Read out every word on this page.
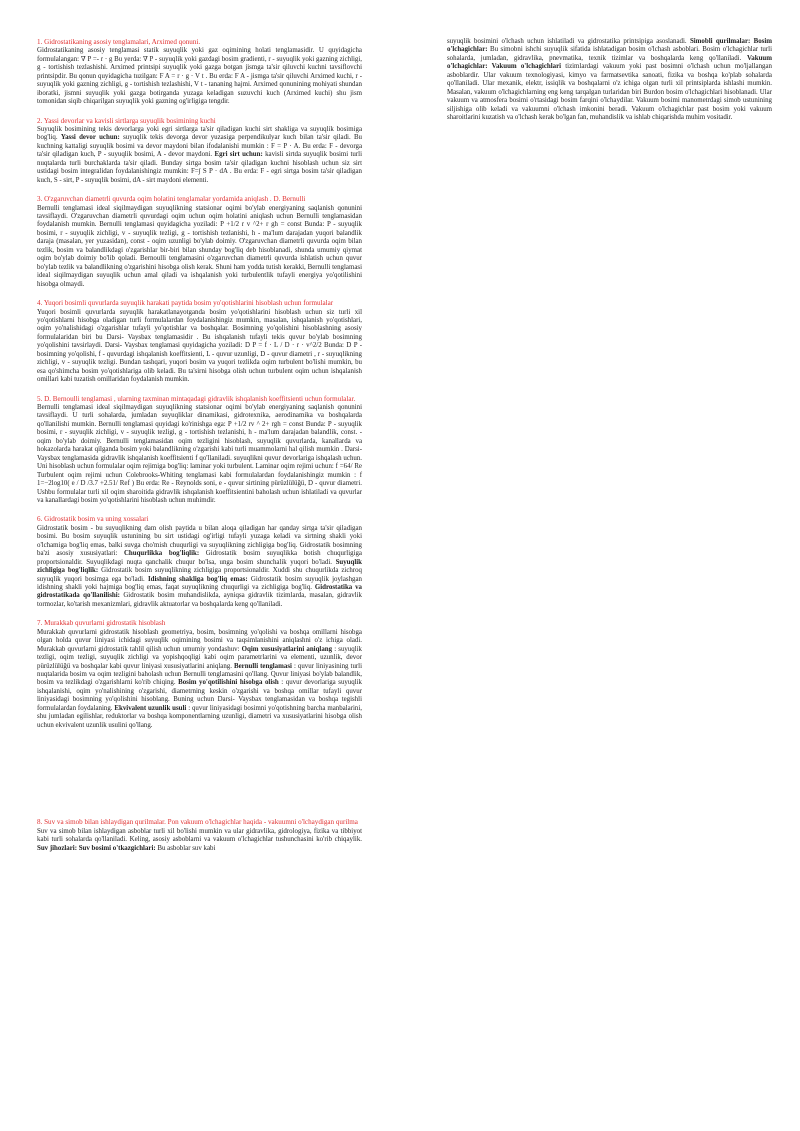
1. Gidrostatikaning asosiy tenglamalari, Arximed qonuni.

Gidrostatikaning asosiy tenglamasi statik suyuqlik yoki gaz oqimining holati tenglamasidir. U quyidagicha formulalangan: ∇ P =- r · g Bu yerda: ∇ P - suyuqlik yoki gazdagi bosim gradienti, r - suyuqlik yoki gazning zichligi, g - tortishish tezlashishi. Arximed printsipi suyuqlik yoki gazga botgan jismga ta'sir qiluvchi kuchni tavsiflovchi printsipdir. Bu qonun quyidagicha tuzilgan: F A = r · g · V t . Bu erda: F A - jismga ta'sir qiluvchi Arximed kuchi, r - suyuqlik yoki gazning zichligi, g - tortishish tezlashishi, V t - tananing hajmi. Arximed qonunining mohiyati shundan iboratki, jismni suyuqlik yoki gazga botirganda yuzaga keladigan suzuvchi kuch (Arximed kuchi) shu jism tomonidan siqib chiqarilgan suyuqlik yoki gazning og'irligiga tengdir.

2. Yassi devorlar va kavisli sirtlarga suyuqlik bosimining kuchi

Suyuqlik bosimining tekis devorlarga yoki egri sirtlarga ta'sir qiladigan kuchi sirt shakliga va suyuqlik bosimiga bog'liq. Yassi devor uchun: suyuqlik tekis devorga devor yuzasiga perpendikulyar kuch bilan ta'sir qiladi. Bu kuchning kattaligi suyuqlik bosimi va devor maydoni bilan ifodalanishi mumkin : F = P · A. Bu erda: F - devorga ta'sir qiladigan kuch, P - suyuqlik bosimi, A - devor maydoni. Egri sirt uchun: kavisli sirtda suyuqlik bosimi turli nuqtalarda turli burchaklarda ta'sir qiladi. Bunday sirtga bosim ta'sir qiladigan kuchni hisoblash uchun siz sirt ustidagi bosim integralidan foydalanishingiz mumkin: F=∫ S P · dA . Bu erda: F - egri sirtga bosim ta'sir qiladigan kuch, S - sirt, P - suyuqlik bosimi, dA - sirt maydoni elementi.

3. O'zgaruvchan diametrli quvurda oqim holatini tenglamalar yordamida aniqlash . D. Bernulli

Bernulli tenglamasi ideal siqilmaydigan suyuqlikning statsionar oqimi bo'ylab energiyaning saqlanish qonunini tavsiflaydi. O'zgaruvchan diametrli quvurdagi oqim uchun oqim holatini aniqlash uchun Bernulli tenglamasidan foydalanish mumkin. Bernulli tenglamasi quyidagicha yoziladi: P +1/2 r v ^2+ r gh = const Bunda: P - suyuqlik bosimi, r - suyuqlik zichligi, v - suyuqlik tezligi, g - tortishish tezlanishi, h - ma'lum darajadan yuqori balandlik daraja (masalan, yer yuzasidan), const - oqim uzunligi bo'ylab doimiy. O'zgaruvchan diametrli quvurda oqim bilan tezlik, bosim va balandlikdagi o'zgarishlar bir-biri bilan shunday bog'liq deb hisoblanadi, shunda umumiy qiymat oqim bo'ylab doimiy bo'lib qoladi. Bernoulli tenglamasini o'zgaruvchan diametrli quvurda ishlatish uchun quvur bo'ylab tezlik va balandlikning o'zgarishini hisobga olish kerak. Shuni ham yodda tutish kerakki, Bernulli tenglamasi ideal siqilmaydigan suyuqlik uchun amal qiladi va ishqalanish yoki turbulentlik tufayli energiya yo'qotilishini hisobga olmaydi.

4. Yuqori bosimli quvurlarda suyuqlik harakati paytida bosim yo'qotishlarini hisoblash uchun formulalar

Yuqori bosimli quvurlarda suyuqlik harakatlanayotganda bosim yo'qotishlarini hisoblash uchun siz turli xil yo'qotishlarni hisobga oladigan turli formulalardan foydalanishingiz mumkin, masalan, ishqalanish yo'qotishlari, oqim yo'nalishidagi o'zgarishlar tufayli yo'qotishlar va boshqalar. Bosimning yo'qolishini hisoblashning asosiy formulalaridan biri bu Darsi- Vaysbax tenglamasidir . Bu ishqalanish tufayli tekis quvur bo'ylab bosimning yo'qolishini tavsirlaydi. Darsi- Vaysbax tenglamasi quyidagicha yoziladi: D P = f · L / D · r · v^2/2 Bunda: D P - bosimning yo'qolishi, f - quvurdagi ishqalanish koeffitsienti, L - quvur uzunligi, D - quvur diametri , r - suyuqlikning zichligi, v - suyuqlik tezligi. Bundan tashqari, yuqori bosim va yuqori tezlikda oqim turbulent bo'lishi mumkin, bu esa qo'shimcha bosim yo'qotishlariga olib keladi. Bu ta'sirni hisobga olish uchun turbulent oqim uchun ishqalanish omillari kabi tuzatish omillaridan foydalanish mumkin.

5. D. Bernoulli tenglamasi , ularning taxminan mintaqadagi gidravlik ishqalanish koeffitsienti uchun formulalar.

Bernulli tenglamasi ideal siqilmaydigan suyuqlikning statsionar oqimi bo'ylab energiyaning saqlanish qonunini tavsiflaydi. U turli sohalarda, jumladan suyuqliklar dinamikasi, gidrotexnika, aerodinamika va boshqalarda qo'llanilishi mumkin. Bernulli tenglamasi quyidagi ko'rinishga ega: P +1/2 rv ^ 2+ rgh = const Bunda: P - suyuqlik bosimi, r - suyuqlik zichligi, v - suyuqlik tezligi, g - tortishish tezlanishi, h - ma'lum darajadan balandlik, const. - oqim bo'ylab doimiy. Bernulli tenglamasidan oqim tezligini hisoblash, suyuqlik quvurlarda, kanallarda va hokazolarda harakat qilganda bosim yoki balandlikning o'zgarishi kabi turli muammolarni hal qilish mumkin . Darsi- Vaysbax tenglamasida gidravlik ishqalanish koeffitsienti f qo'llaniladi. suyuqlikni quvur devorlariga ishqalash uchun. Uni hisoblash uchun formulalar oqim rejimiga bog'liq: laminar yoki turbulent. Laminar oqim rejimi uchun: f =64/ Re Turbulent oqim rejimi uchun Colebrooks-Whiting tenglamasi kabi formulalardan foydalanishingiz mumkin : f 1=−2log10( e / D /3.7 +2.51/ Ref ) Bu erda: Re - Reynolds soni, e - quvur sirtining pürüzlülüğü, D - quvur diametri. Ushbu formulalar turli xil oqim sharoitida gidravlik ishqalanish koeffitsientini baholash uchun ishlatiladi va quvurlar va kanallardagi bosim yo'qotishlarini hisoblash uchun muhimdir.

6. Gidrostatik bosim va uning xossalari

Gidrostatik bosim - bu suyuqlikning dam olish paytida u bilan aloqa qiladigan har qanday sirtga ta'sir qiladigan bosimi. Bu bosim suyuqlik ustunining bu sirt ustidagi og'irligi tufayli yuzaga keladi va sirtning shakli yoki o'lchamiga bog'liq emas, balki suvga cho'mish chuqurligi va suyuqlikning zichligiga bog'liq. Gidrostatik bosimning ba'zi asosiy xususiyatlari: Chuqurlikka bog'liqlik: Gidrostatik bosim suyuqlikka botish chuqurligiga proportsionaldir. Suyuqlikdagi nuqta qanchalik chuqur bo'lsa, unga bosim shunchalik yuqori bo'ladi. Suyuqlik zichligiga bog'liqlik: Gidrostatik bosim suyuqlikning zichligiga proportsionaldir. Xuddi shu chuqurlikda zichroq suyuqlik yuqori bosimga ega bo'ladi. Idishning shakliga bog'liq emas: Gidrostatik bosim suyuqlik joylashgan idishning shakli yoki hajmiga bog'liq emas, faqat suyuqlikning chuqurligi va zichligiga bog'liq. Gidrostatika va gidrostatikada qo'llanilishi: Gidrostatik bosim muhandislikda, ayniqsa gidravlik tizimlarda, masalan, gidravlik tormozlar, ko'tarish mexanizmlari, gidravlik aktuatorlar va boshqalarda keng qo'llaniladi.

7. Murakkab quvurlarni gidrostatik hisoblash

Murakkab quvurlarni gidrostatik hisoblash geometriya, bosim, bosimning yo'qolishi va boshqa omillarni hisobga olgan holda quvur liniyasi ichidagi suyuqlik oqimining bosimi va taqsimlanishini aniqlashni o'z ichiga oladi. Murakkab quvurlarni gidrostatik tahlil qilish uchun umumiy yondashuv: Oqim xususiyatlarini aniqlang : suyuqlik tezligi, oqim tezligi, suyuqlik zichligi va yopishqoqligi kabi oqim parametrlarini va elementi, uzunlik, devor pürüzlülüğü va boshqalar kabi quvur liniyasi xususiyatlarini aniqlang. Bernulli tenglamasi : quvur liniyasining turli nuqtalarida bosim va oqim tezligini baholash uchun Bernulli tenglamasini qo'llang. Quvur liniyasi bo'ylab balandlik, bosim va tezlikdagi o'zgarishlarni ko'rib chiqing. Bosim yo'qotilishini hisobga olish : quvur devorlariga suyuqlik ishqalanishi, oqim yo'nalishining o'zgarishi, diametrning keskin o'zgarishi va boshqa omillar tufayli quvur liniyasidagi bosimning yo'qolishini hisoblang. Buning uchun Darsi- Vaysbax tenglamasidan va boshqa tegishli formulalardan foydalaning. Ekvivalent uzunlik usuli : quvur liniyasidagi bosimni yo'qotishning barcha manbalarini, shu jumladan egilishlar, reduktorlar va boshqa komponentlarning uzunligi, diametri va xususiyatlarini hisobga olish uchun ekvivalent uzunlik usulini qo'llang.

8. Suv va simob bilan ishlaydigan qurilmalar. Pon vakuum o'lchagichlar haqida - vakuumni o'lchaydigan qurilma

Suv va simob bilan ishlaydigan asboblar turli xil bo'lishi mumkin va ular gidravlika, gidrologiya, fizika va tibbiyot kabi turli sohalarda qo'llaniladi. Keling, asosiy asboblarni va vakuum o'lchagichlar tushunchasini ko'rib chiqaylik. Suv jihozlari: Suv bosimi o'tkazgichlari: Bu asboblar suv kabi

suyuqlik bosimini o'lchash uchun ishlatiladi va gidrostatika printsipiga asoslanadi. Simobli qurilmalar: Bosim o'lchagichlar: Bu simobni ishchi suyuqlik sifatida ishlatadigan bosim o'lchash asboblari. Bosim o'lchagichlar turli sohalarda, jumladan, gidravlika, pnevmatika, texnik tizimlar va boshqalarda keng qo'llaniladi. Vakuum o'lchagichlar: Vakuum o'lchagichlari tizimlardagi vakuum yoki past bosimni o'lchash uchun mo'ljallangan asboblardir. Ular vakuum texnologiyasi, kimyo va farmatsevtika sanoati, fizika va boshqa ko'plab sohalarda qo'llaniladi. Ular mexanik, elektr, issiqlik va boshqalarni o'z ichiga olgan turli xil printsiplarda ishlashi mumkin. Masalan, vakuum o'lchagichlarning eng keng tarqalgan turlaridan biri Burdon bosim o'lchagichlari hisoblanadi. Ular vakuum va atmosfera bosimi o'rtasidagi bosim farqini o'lchaydilar. Vakuum bosimi manometrdagi simob ustunining siljishiga olib keladi va vakuumni o'lchash imkonini beradi. Vakuum o'lchagichlar past bosim yoki vakuum sharoitlarini kuzatish va o'lchash kerak bo'lgan fan, muhandislik va ishlab chiqarishda muhim vositadir.
